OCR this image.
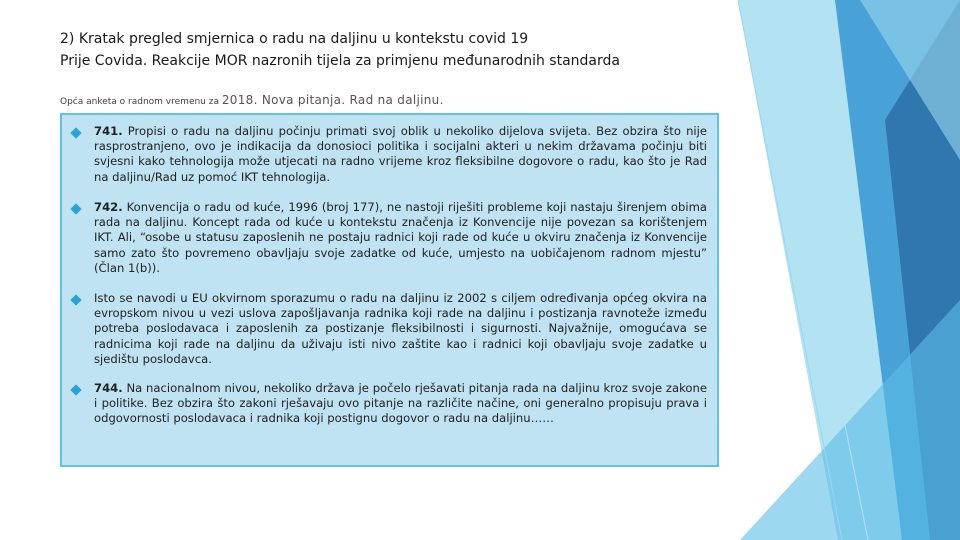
2) Kratak pregled smjernica o radu na daljinu u kontekstu covid 19
Prije Covida. Reakcije MOR nazronih tijela za primjenu međunarodnih standarda
Opća anketa o radnom vremenu za 2018. Nova pitanja. Rad na daljinu.
741. Propisi o radu na daljinu počinju primati svoj oblik u nekoliko dijelova svijeta. Bez obzira što nije rasprostranjeno, ovo je indikacija da donosioci politika i socijalni akteri u nekim državama počinju biti svjesni kako tehnologija može utjecati na radno vrijeme kroz fleksibilne dogovore o radu, kao što je Rad na daljinu/Rad uz pomoć IKT tehnologija.
742. Konvencija o radu od kuće, 1996 (broj 177), ne nastoji riješiti probleme koji nastaju širenjem obima rada na daljinu. Koncept rada od kuće u kontekstu značenja iz Konvencije nije povezan sa korištenjem IKT. Ali, “osobe u statusu zaposlenih ne postaju radnici koji rade od kuće u okviru značenja iz Konvencije samo zato što povremeno obavljaju svoje zadatke od kuće, umjesto na uobičajenom radnom mjestu” (Član 1(b)).
Isto se navodi u EU okvirnom sporazumu o radu na daljinu iz 2002 s ciljem određivanja općeg okvira na evropskom nivou u vezi uslova zapošljavanja radnika koji rade na daljinu i postizanja ravnoteže između potreba poslodavaca i zaposlenih za postizanje fleksibilnosti i sigurnosti. Najvažnije, omogućava se radnicima koji rade na daljinu da uživaju isti nivo zaštite kao i radnici koji obavljaju svoje zadatke u sjedištu poslodavca.
744. Na nacionalnom nivou, nekoliko država je počelo rješavati pitanja rada na daljinu kroz svoje zakone i politike. Bez obzira što zakoni rješavaju ovo pitanje na različite načine, oni generalno propisuju prava i odgovornosti poslodavaca i radnika koji postignu dogovor o radu na daljinu……
